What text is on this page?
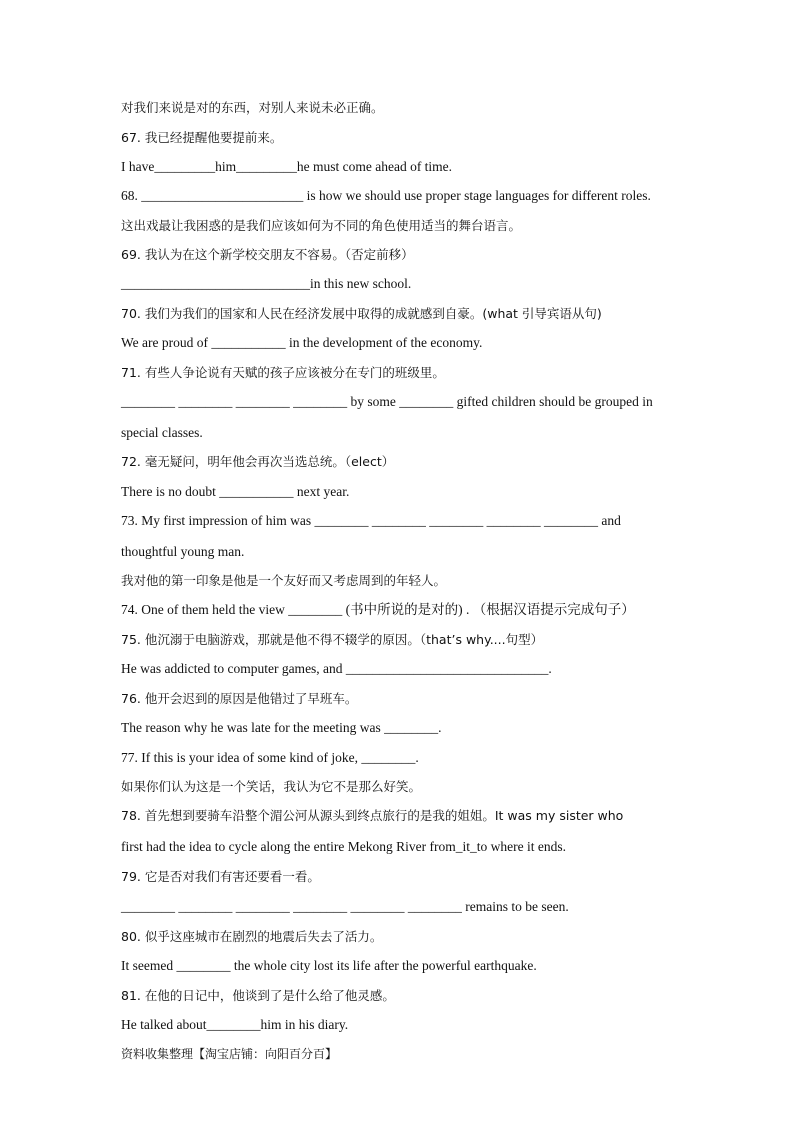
对我们来说是对的东西，对别人来说未必正确。
67. 我已经提醒他要提前来。
I have_________him_________he must come ahead of time.
68. ________________________ is how we should use proper stage languages for different roles.
这出戏最让我困惑的是我们应该如何为不同的角色使用适当的舞台语言。
69. 我认为在这个新学校交朋友不容易。（否定前移）
____________________________in this new school.
70. 我们为我们的国家和人民在经济发展中取得的成就感到自豪。(what 引导宾语从句)
We are proud of ___________ in the development of the economy.
71. 有些人争论说有天赋的孩子应该被分在专门的班级里。
________ ________ ________ ________ by some ________ gifted children should be grouped in
special classes.
72. 毫无疑问，明年他会再次当选总统。（elect）
There is no doubt ___________ next year.
73. My first impression of him was ________ ________ ________ ________ ________ and
thoughtful young man.
我对他的第一印象是他是一个友好而又考虑周到的年轻人。
74. One of them held the view ________ (书中所说的是对的) . （根据汉语提示完成句子）
75. 他沉溺于电脑游戏，那就是他不得不辍学的原因。（that’s why....句型）
He was addicted to computer games, and ______________________________.
76. 他开会迟到的原因是他错过了早班车。
The reason why he was late for the meeting was ________.
77. If this is your idea of some kind of joke, ________.
如果你们认为这是一个笑话，我认为它不是那么好笑。
78. 首先想到要骑车沿整个湄公河从源头到终点旅行的是我的姐姐。It was my sister who
first had the idea to cycle along the entire Mekong River from_it_to where it ends.
79. 它是否对我们有害还要看一看。
________ ________ ________ ________ ________ ________ remains to be seen.
80. 似乎这座城市在剧烈的地震后失去了活力。
It seemed ________ the whole city lost its life after the powerful earthquake.
81. 在他的日记中，他谈到了是什么给了他灵感。
He talked about________him in his diary.
资料收集整理【淘宝店铺：向阳百分百】
